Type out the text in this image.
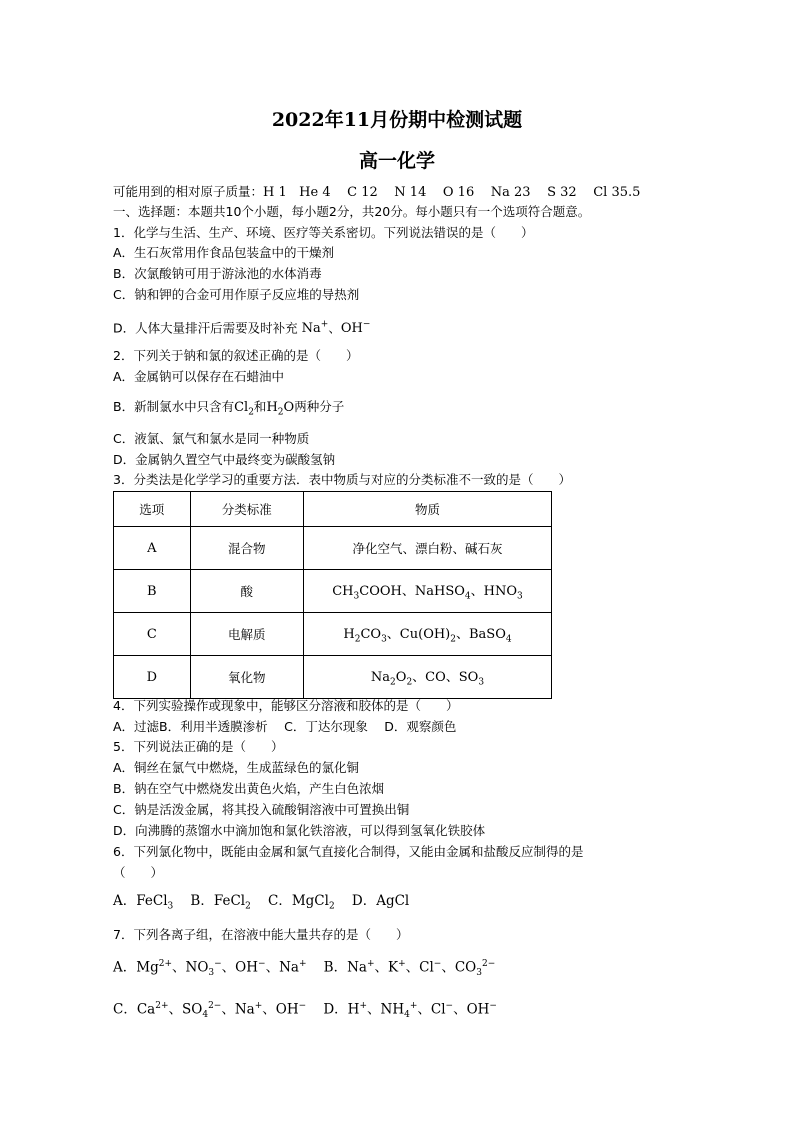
2022年11月份期中检测试题
高一化学
可能用到的相对原子质量：H 1 He 4 C 12 N 14 O 16 Na 23 S 32 Cl 35.5
一、选择题：本题共10个小题，每小题2分，共20分。每小题只有一个选项符合题意。
1．化学与生活、生产、环境、医疗等关系密切。下列说法错误的是（　　）
A．生石灰常用作食品包装盒中的干燥剂
B．次氯酸钠可用于游泳池的水体消毒
C．钠和钾的合金可用作原子反应堆的导热剂
D．人体大量排汗后需要及时补充 Na+、OH−
2．下列关于钠和氯的叙述正确的是（　　）
A．金属钠可以保存在石蜡油中
B．新制氯水中只含有$Cl_2$和$H_2O$两种分子
C．液氯、氯气和氯水是同一种物质
D．金属钠久置空气中最终变为碳酸氢钠
3．分类法是化学学习的重要方法．表中物质与对应的分类标准不一致的是（　　）
选项	分类标准	物质
A	混合物	净化空气、漂白粉、碱石灰
B	酸	$CH_3COOH$、NaHSO$_4$、$HNO_3$
C	电解质	$H_2CO_3$、$Cu(OH)_2$、BaSO$_4$
D	氧化物	$Na_2O_2$、CO、$SO_3$
4．下列实验操作或现象中，能够区分溶液和胶体的是（　　）
A．过滤B．利用半透膜渗析　 C．丁达尔现象　 D．观察颜色
5．下列说法正确的是（　　）
A．铜丝在氯气中燃烧，生成蓝绿色的氯化铜
B．钠在空气中燃烧发出黄色火焰，产生白色浓烟
C．钠是活泼金属，将其投入硫酸铜溶液中可置换出铜
D．向沸腾的蒸馏水中滴加饱和氯化铁溶液，可以得到氢氧化铁胶体
6．下列氯化物中，既能由金属和氯气直接化合制得，又能由金属和盐酸反应制得的是
（　　）
A．FeCl$_3$ B．FeCl$_2$ C．MgCl$_2$ D．AgCl
7．下列各离子组，在溶液中能大量共存的是（　　）
A．$Mg^{2+}$、$NO_3^-$、OH−、Na+ B．Na+、K+、Cl−、$CO_3^{2-}$
C．$Ca^{2+}$、$SO_4^{2-}$、Na+、OH− D．H+、$NH_4^+$、Cl−、OH−
